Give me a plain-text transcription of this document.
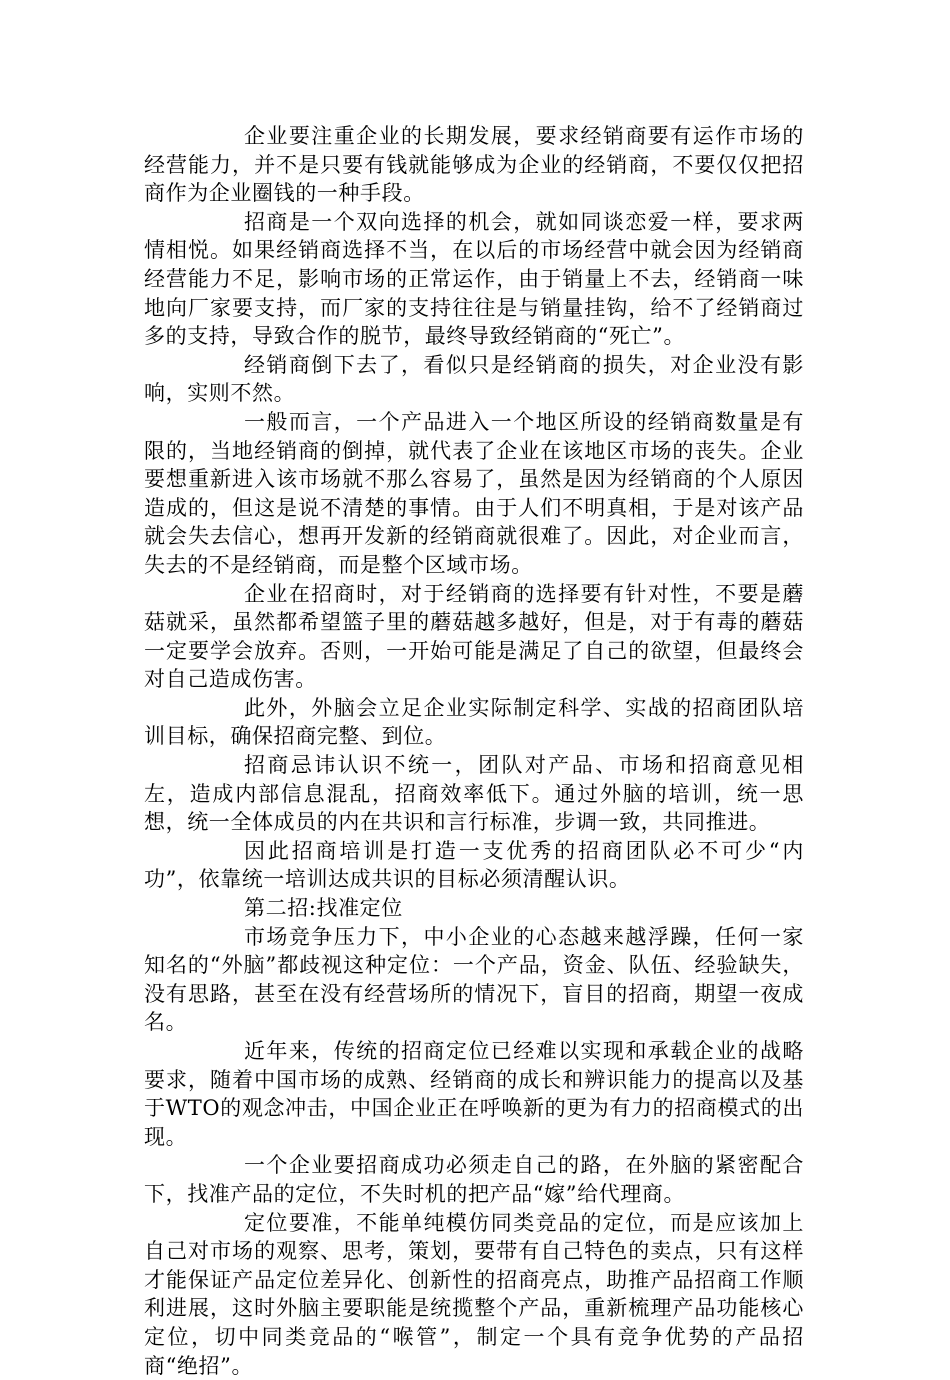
企业要注重企业的长期发展，要求经销商要有运作市场的经营能力，并不是只要有钱就能够成为企业的经销商，不要仅仅把招商作为企业圈钱的一种手段。

招商是一个双向选择的机会，就如同谈恋爱一样，要求两情相悦。如果经销商选择不当，在以后的市场经营中就会因为经销商经营能力不足，影响市场的正常运作，由于销量上不去，经销商一味地向厂家要支持，而厂家的支持往往是与销量挂钩，给不了经销商过多的支持，导致合作的脱节，最终导致经销商的“死亡”。

经销商倒下去了，看似只是经销商的损失，对企业没有影响，实则不然。

一般而言，一个产品进入一个地区所设的经销商数量是有限的，当地经销商的倒掉，就代表了企业在该地区市场的丧失。企业要想重新进入该市场就不那么容易了，虽然是因为经销商的个人原因造成的，但这是说不清楚的事情。由于人们不明真相，于是对该产品就会失去信心，想再开发新的经销商就很难了。因此，对企业而言，失去的不是经销商，而是整个区域市场。

企业在招商时，对于经销商的选择要有针对性，不要是蘑菇就采，虽然都希望篮子里的蘑菇越多越好，但是，对于有毒的蘑菇一定要学会放弃。否则，一开始可能是满足了自己的欲望，但最终会对自己造成伤害。

此外，外脑会立足企业实际制定科学、实战的招商团队培训目标，确保招商完整、到位。

招商忌讳认识不统一，团队对产品、市场和招商意见相左，造成内部信息混乱，招商效率低下。通过外脑的培训，统一思想，统一全体成员的内在共识和言行标准，步调一致，共同推进。

因此招商培训是打造一支优秀的招商团队必不可少“内功”，依靠统一培训达成共识的目标必须清醒认识。

第二招:找准定位

市场竞争压力下，中小企业的心态越来越浮躁，任何一家知名的“外脑”都歧视这种定位：一个产品，资金、队伍、经验缺失，没有思路，甚至在没有经营场所的情况下，盲目的招商，期望一夜成名。

近年来，传统的招商定位已经难以实现和承载企业的战略要求，随着中国市场的成熟、经销商的成长和辨识能力的提高以及基于WTO的观念冲击，中国企业正在呼唤新的更为有力的招商模式的出现。

一个企业要招商成功必须走自己的路，在外脑的紧密配合下，找准产品的定位，不失时机的把产品“嫁”给代理商。

定位要准，不能单纯模仿同类竞品的定位，而是应该加上自己对市场的观察、思考，策划，要带有自己特色的卖点，只有这样才能保证产品定位差异化、创新性的招商亮点，助推产品招商工作顺利进展，这时外脑主要职能是统揽整个产品，重新梳理产品功能核心定位，切中同类竞品的“喉管”，制定一个具有竞争优势的产品招商“绝招”。
